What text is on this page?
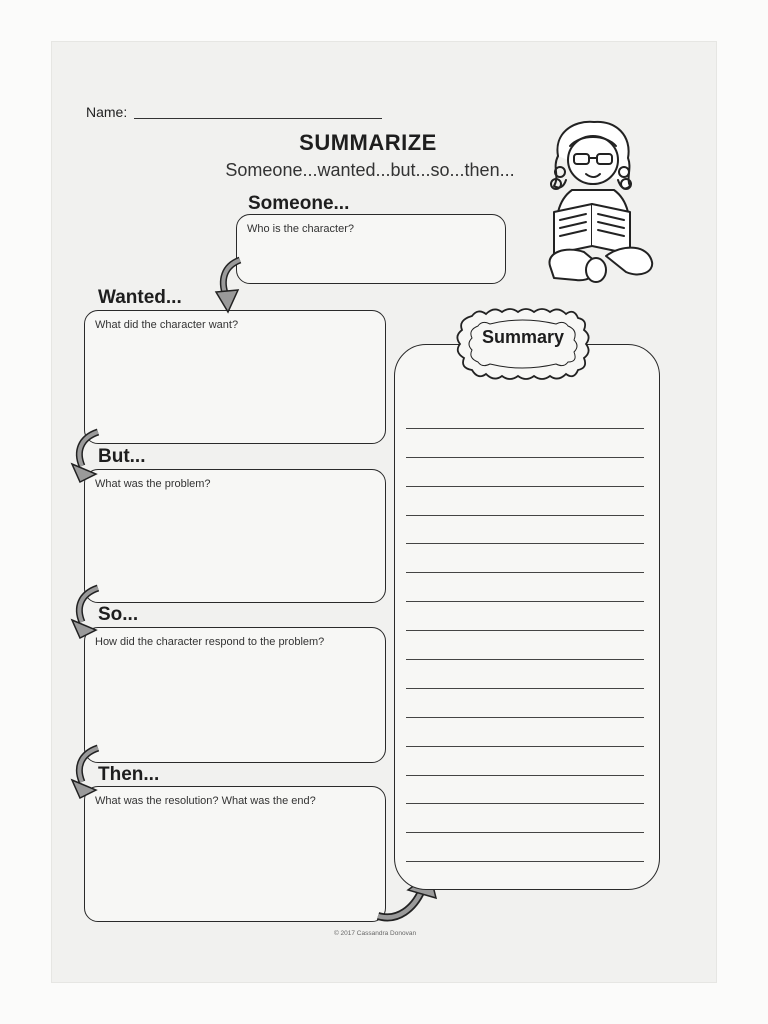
Name:
SUMMARIZE
Someone...wanted...but...so...then...
Someone...
Who is the character?
Wanted...
What did the character want?
But...
What was the problem?
So...
How did the character respond to the problem?
Then...
What was the resolution? What was the end?
Summary
© 2017 Cassandra Donovan
